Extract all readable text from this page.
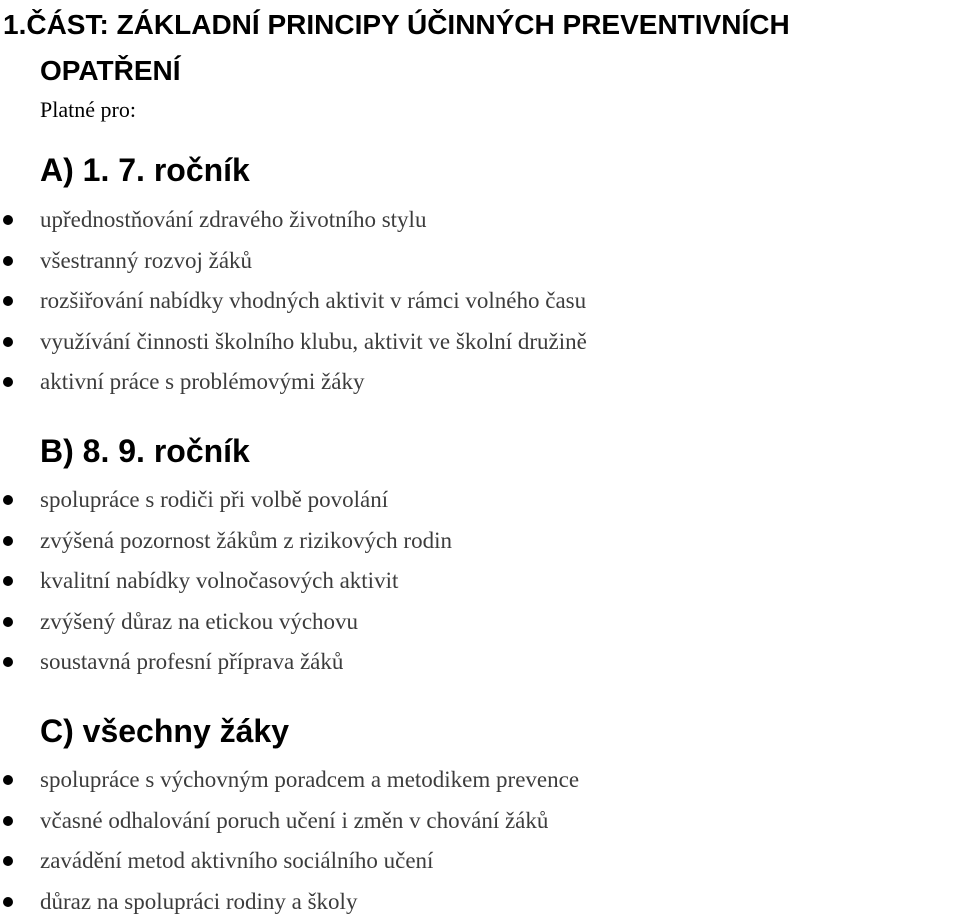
1.ČÁST: ZÁKLADNÍ PRINCIPY ÚČINNÝCH PREVENTIVNÍCH
OPATŘENÍ

Platné pro:

A) 1. 7. ročník
upřednostňování zdravého životního stylu
všestranný rozvoj žáků
rozšiřování nabídky vhodných aktivit v rámci volného času
využívání činnosti školního klubu, aktivit ve školní družině
aktivní práce s problémovými žáky
B) 8. 9. ročník
spolupráce s rodiči při volbě povolání
zvýšená pozornost žákům z rizikových rodin
kvalitní nabídky volnočasových aktivit
zvýšený důraz na etickou výchovu
soustavná profesní příprava žáků
C) všechny žáky
spolupráce s výchovným poradcem a metodikem prevence
včasné odhalování poruch učení i změn v chování žáků
zavádění metod aktivního sociálního učení
důraz na spolupráci rodiny a školy
